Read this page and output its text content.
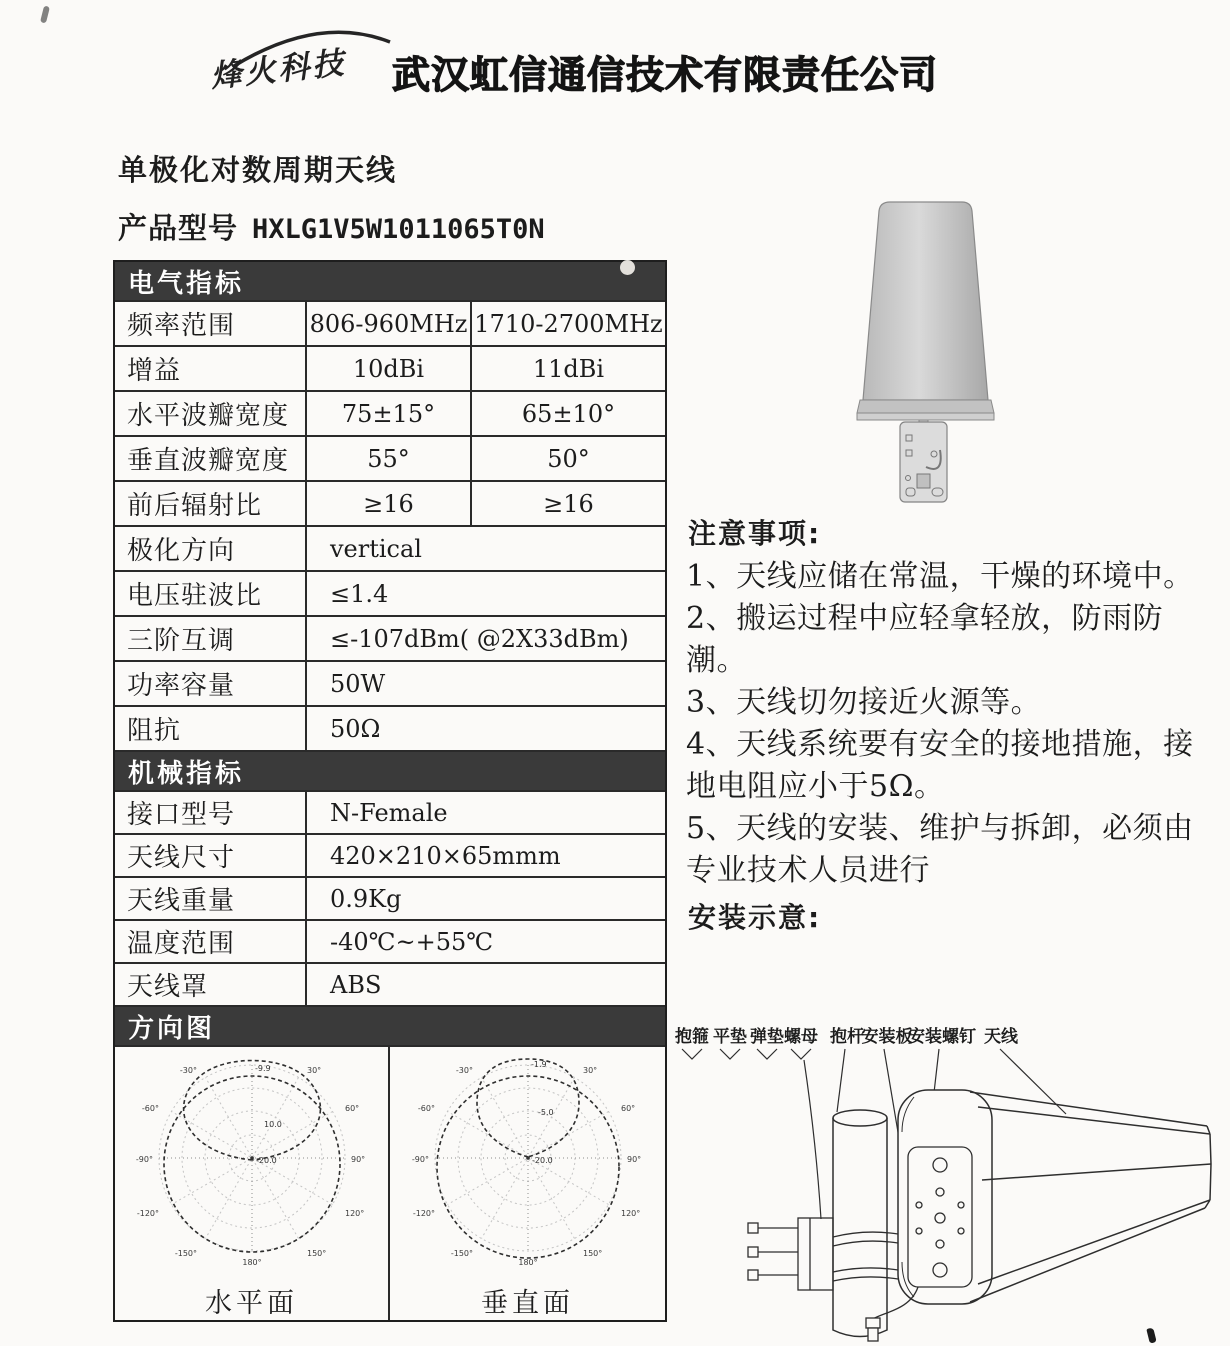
烽火科技 武汉虹信通信技术有限责任公司
单极化对数周期天线
产品型号 HXLG1V5W1011065T0N
电气指标
频率范围	806-960MHz 1710-2700MHz
增益	10dBi	11dBi
水平波瓣宽度	75±15°	65±10°
垂直波瓣宽度	55°	50°
前后辐射比	≥16	≥16
极化方向	vertical
电压驻波比	≤1.4
三阶互调	≤-107dBm( @2X33dBm)
功率容量	50W
阻抗	50Ω
机械指标
接口型号	N-Female
天线尺寸	420×210×65mmm
天线重量	0.9Kg
温度范围	-40℃~+55℃
天线罩	ABS
方向图
-30°	30°
-60°	60°
-90°	90°
-120°	120°
-150°	150°
180°
-9.9
10.0
-20.0
水平面
-30°	30°
-60°	60°
-90°	90°
-120°	120°
-150°	150°
180°
-1.9
-5.0
-20.0
垂直面
注意事项:
1、天线应储在常温，干燥的环境中。
2、搬运过程中应轻拿轻放，防雨防潮。
3、天线切勿接近火源等。
4、天线系统要有安全的接地措施，接地电阻应小于5Ω。
5、天线的安装、维护与拆卸，必须由专业技术人员进行
安装示意:
抱箍 平垫 弹垫 螺母 抱杆
安装板
安装螺钉 天线
